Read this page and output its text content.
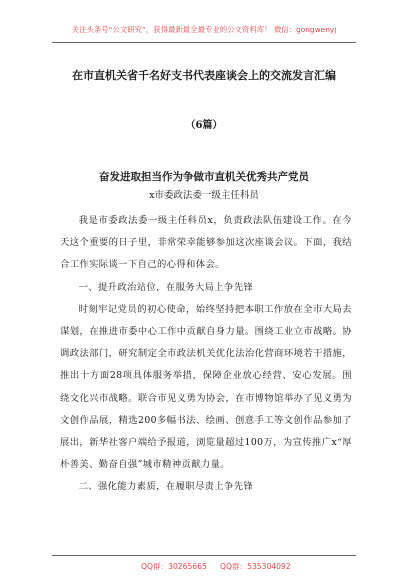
关注头条号“公文研究”，获得最新最全最专业的公文资料库！ 微信：gongwenyj
在市直机关省千名好支书代表座谈会上的交流发言汇编
（6篇）
奋发进取担当作为争做市直机关优秀共产党员
x市委政法委一级主任科员

我是市委政法委一级主任科员x，负责政法队伍建设工作。在今天这个重要的日子里，非常荣幸能够参加这次座谈会议。下面，我结合工作实际谈一下自己的心得和体会。

一、提升政治站位，在服务大局上争先锋

时刻牢记党员的初心使命，始终坚持把本职工作放在全市大局去谋划，在推进市委中心工作中贡献自身力量。围绕工业立市战略。协调政法部门，研究制定全市政法机关优化法治化营商环境若干措施，推出十方面28项具体服务举措，保障企业放心经营、安心发展。围绕文化兴市战略。联合市见义勇为协会，在市博物馆举办了见义勇为文创作品展，精选200多幅书法、绘画、创意手工等文创作品参加了展出，新华社客户端给予报道，浏览量超过100万，为宣传推广x“厚朴善美、勤奋自强”城市精神贡献力量。

二、强化能力素质，在履职尽责上争先锋

QQ群：30265665 QQ群：535304092
